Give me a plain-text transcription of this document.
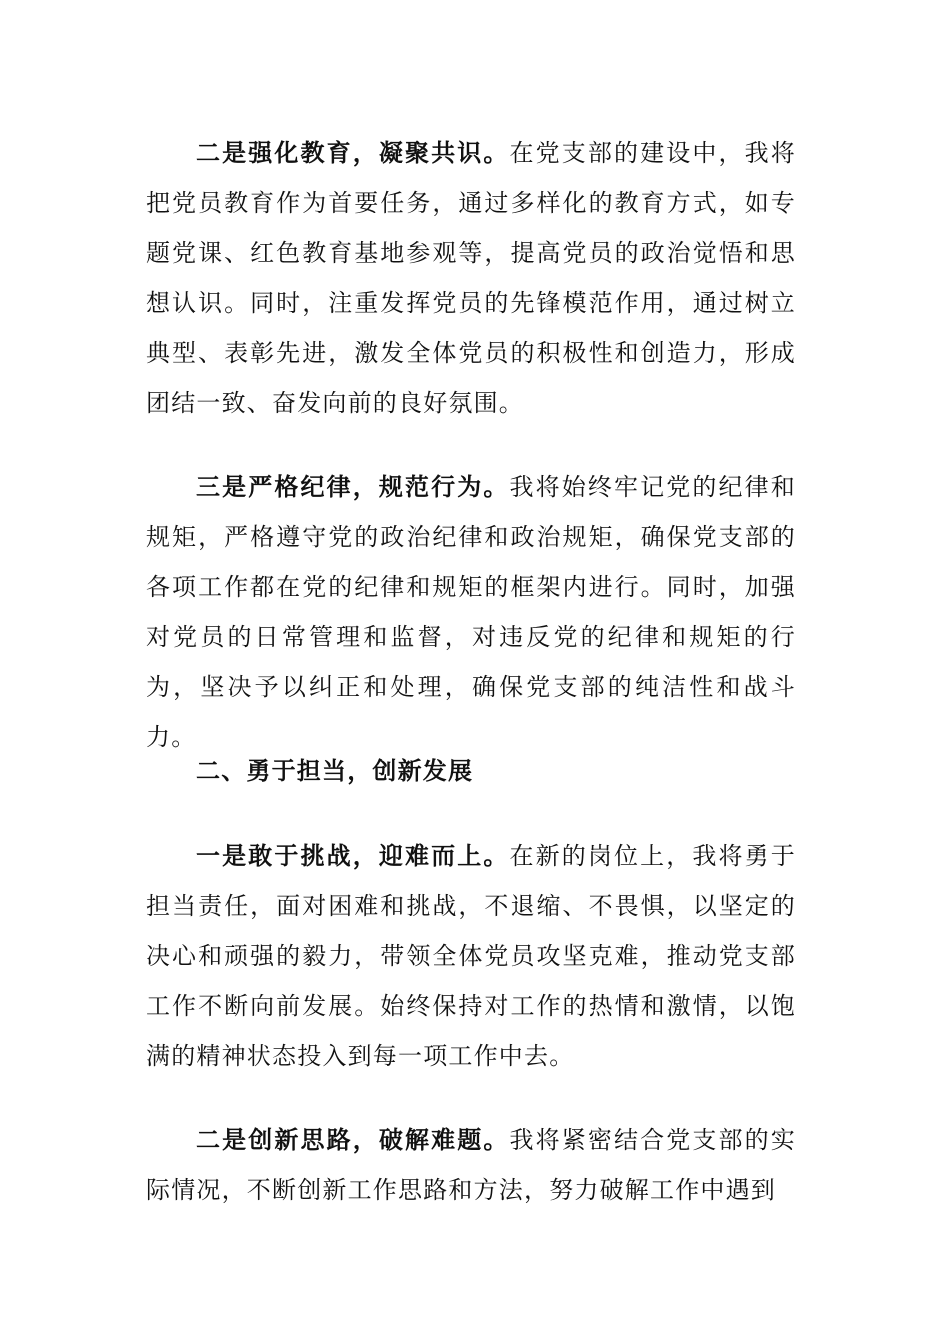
二是强化教育，凝聚共识。在党支部的建设中，我将把党员教育作为首要任务，通过多样化的教育方式，如专题党课、红色教育基地参观等，提高党员的政治觉悟和思想认识。同时，注重发挥党员的先锋模范作用，通过树立典型、表彰先进，激发全体党员的积极性和创造力，形成团结一致、奋发向前的良好氛围。

三是严格纪律，规范行为。我将始终牢记党的纪律和规矩，严格遵守党的政治纪律和政治规矩，确保党支部的各项工作都在党的纪律和规矩的框架内进行。同时，加强对党员的日常管理和监督，对违反党的纪律和规矩的行为，坚决予以纠正和处理，确保党支部的纯洁性和战斗力。

二、勇于担当，创新发展

一是敢于挑战，迎难而上。在新的岗位上，我将勇于担当责任，面对困难和挑战，不退缩、不畏惧，以坚定的决心和顽强的毅力，带领全体党员攻坚克难，推动党支部工作不断向前发展。始终保持对工作的热情和激情，以饱满的精神状态投入到每一项工作中去。

二是创新思路，破解难题。我将紧密结合党支部的实际情况，不断创新工作思路和方法，努力破解工作中遇到
